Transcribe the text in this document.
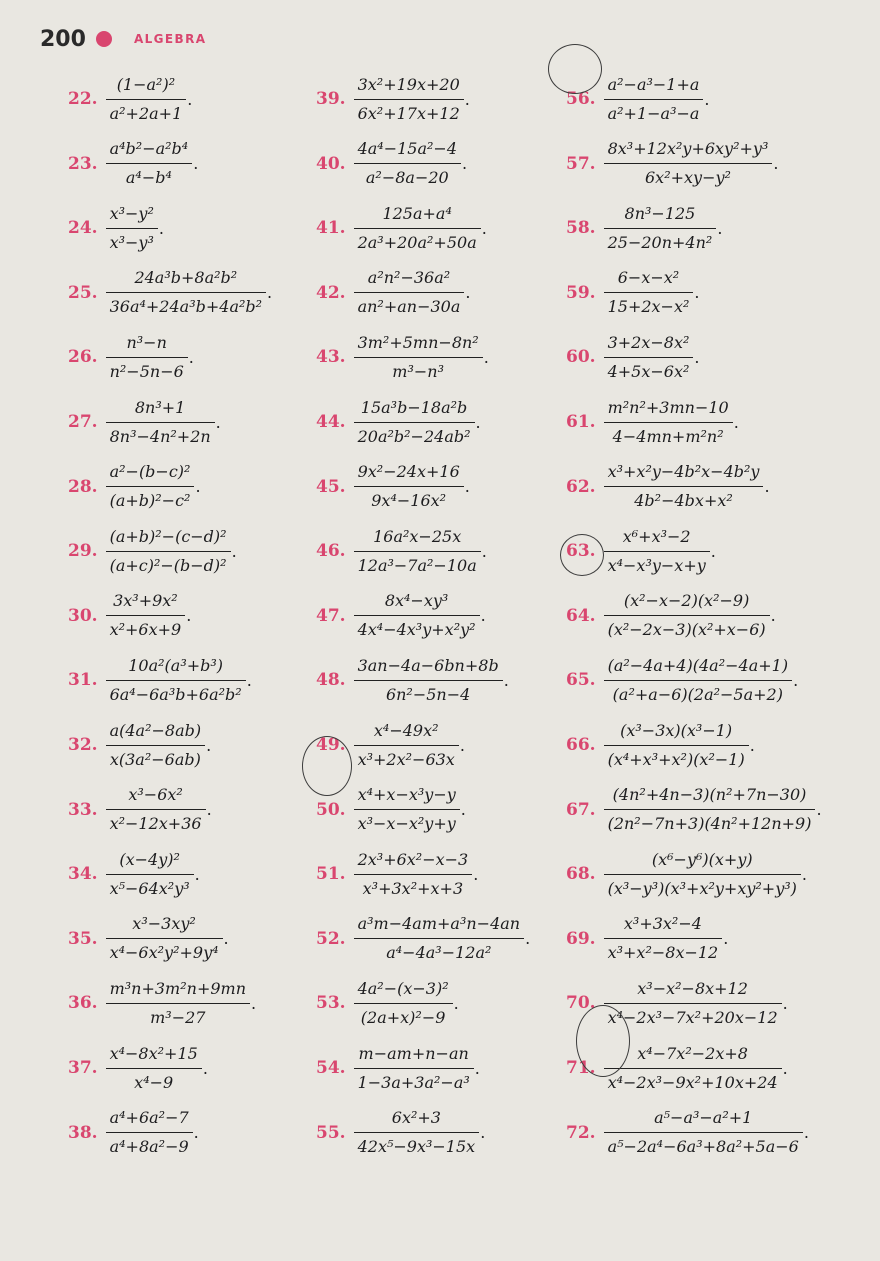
200	ALGEBRA
22. $\frac{\text{(1−a²)²}}{\text{a²+2a+1}}$ .
23. $\frac{\text{a⁴b²−a²b⁴}}{\text{a⁴−b⁴}}$ .
24. $\frac{\text{x³−y²}}{\text{x³−y³}}$ .
25. $\frac{\text{24a³b+8a²b²}}{\text{36a⁴+24a³b+4a²b²}}$ .
26. $\frac{\text{n³−n}}{\text{n²−5n−6}}$ .
27. $\frac{\text{8n³+1}}{\text{8n³−4n²+2n}}$ .
28. $\frac{\text{a²−(b−c)²}}{\text{(a+b)²−c²}}$ .
29. $\frac{\text{(a+b)²−(c−d)²}}{\text{(a+c)²−(b−d)²}}$ .
30. $\frac{\text{3x³+9x²}}{\text{x²+6x+9}}$ .
31. $\frac{\text{10a²(a³+b³)}}{\text{6a⁴−6a³b+6a²b²}}$ .
32. $\frac{\text{a(4a²−8ab)}}{\text{x(3a²−6ab)}}$ .
33. $\frac{\text{x³−6x²}}{\text{x²−12x+36}}$ .
34. $\frac{\text{(x−4y)²}}{\text{x⁵−64x²y³}}$ .
35. $\frac{\text{x³−3xy²}}{\text{x⁴−6x²y²+9y⁴}}$ .
36. $\frac{\text{m³n+3m²n+9mn}}{\text{m³−27}}$ .
37. $\frac{\text{x⁴−8x²+15}}{\text{x⁴−9}}$ .
38. $\frac{\text{a⁴+6a²−7}}{\text{a⁴+8a²−9}}$ .
39. $\frac{\text{3x²+19x+20}}{\text{6x²+17x+12}}$ .
40. $\frac{\text{4a⁴−15a²−4}}{\text{a²−8a−20}}$ .
41. $\frac{\text{125a+a⁴}}{\text{2a³+20a²+50a}}$ .
42. $\frac{\text{a²n²−36a²}}{\text{an²+an−30a}}$ .
43. $\frac{\text{3m²+5mn−8n²}}{\text{m³−n³}}$ .
44. $\frac{\text{15a³b−18a²b}}{\text{20a²b²−24ab²}}$ .
45. $\frac{\text{9x²−24x+16}}{\text{9x⁴−16x²}}$ .
46. $\frac{\text{16a²x−25x}}{\text{12a³−7a²−10a}}$ .
47. $\frac{\text{8x⁴−xy³}}{\text{4x⁴−4x³y+x²y²}}$ .
48. $\frac{3an-4a-6bn+8b}{\text{6n²−5n−4}}$ .
49. $\frac{\text{x⁴−49x²}}{\text{x³+2x²−63x}}$ .
50. $\frac{\text{x⁴+x−x³y−y}}{\text{x³−x−x²y+y}}$ .
51. $\frac{\text{2x³+6x²−x−3}}{\text{x³+3x²+x+3}}$ .
52. $\frac{\text{a³m−4am+a³n−4an}}{\text{a⁴−4a³−12a²}}$ .
53. $\frac{\text{4a²−(x−3)²}}{\text{(2a+x)²−9}}$ .
54. $\frac{m-am+n-an}{\text{1−3a+3a²−a³}}$ .
55. $\frac{\text{6x²+3}}{\text{42x⁵−9x³−15x}}$ .
56. $\frac{\text{a²−a³−1+a}}{\text{a²+1−a³−a}}$ .
57. $\frac{\text{8x³+12x²y+6xy²+y³}}{\text{6x²+xy−y²}}$ .
58. $\frac{\text{8n³−125}}{\text{25−20n+4n²}}$ .
59. $\frac{\text{6−x−x²}}{\text{15+2x−x²}}$ .
60. $\frac{\text{3+2x−8x²}}{\text{4+5x−6x²}}$ .
61. $\frac{\text{m²n²+3mn−10}}{\text{4−4mn+m²n²}}$ .
62. $\frac{\text{x³+x²y−4b²x−4b²y}}{\text{4b²−4bx+x²}}$ .
63. $\frac{\text{x⁶+x³−2}}{\text{x⁴−x³y−x+y}}$ .
64. $\frac{\text{(x²−x−2)(x²−9)}}{\text{(x²−2x−3)(x²+x−6)}}$ .
65. $\frac{\text{(a²−4a+4)(4a²−4a+1)}}{\text{(a²+a−6)(2a²−5a+2)}}$ .
66. $\frac{\text{(x³−3x)(x³−1)}}{\text{(x⁴+x³+x²)(x²−1)}}$ .
67. $\frac{\text{(4n²+4n−3)(n²+7n−30)}}{\text{(2n²−7n+3)(4n²+12n+9)}}$ .
68. $\frac{\text{(x⁶−y⁶)(x+y)}}{\text{(x³−y³)(x³+x²y+xy²+y³)}}$ .
69. $\frac{\text{x³+3x²−4}}{\text{x³+x²−8x−12}}$ .
70. $\frac{\text{x³−x²−8x+12}}{\text{x⁴−2x³−7x²+20x−12}}$ .
71. $\frac{\text{x⁴−7x²−2x+8}}{\text{x⁴−2x³−9x²+10x+24}}$ .
72. $\frac{\text{a⁵−a³−a²+1}}{\text{a⁵−2a⁴−6a³+8a²+5a−6}}$ .
